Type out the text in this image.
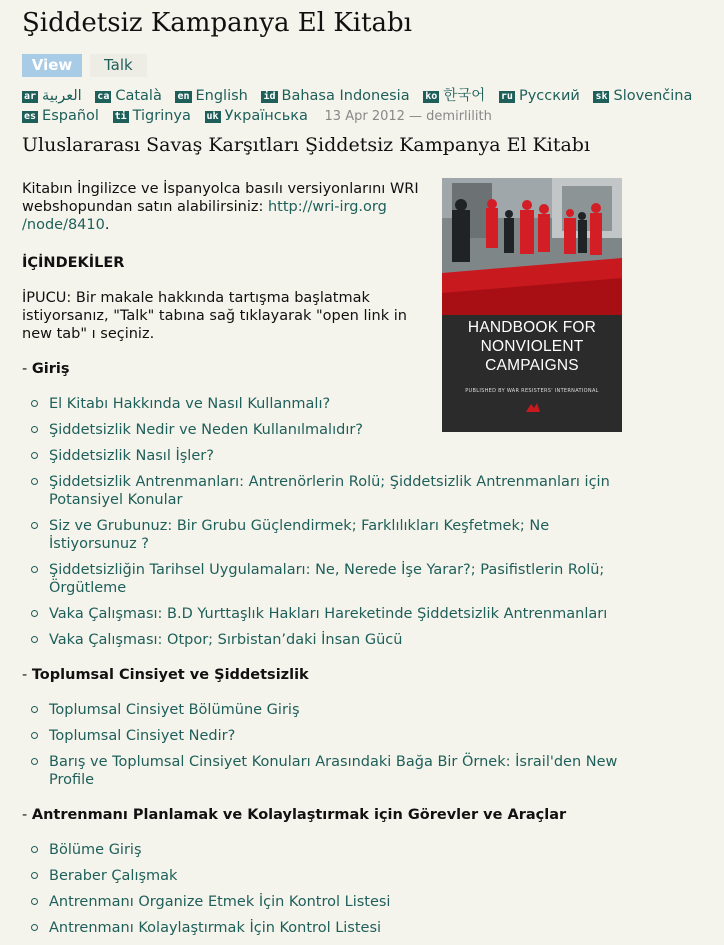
Şiddetsiz Kampanya El Kitabı
View	Talk
ar العربية ca Català en English id Bahasa Indonesia ko 한국어 ru Русский sk Slovenčina es Español ti Tigrinya uk Українська 13 Apr 2012 — demirlilith
Uluslararası Savaş Karşıtları Şiddetsiz Kampanya El Kitabı
HANDBOOK FOR
NONVIOLENT
CAMPAIGNS
PUBLISHED BY WAR RESISTERS' INTERNATIONAL

Kitabın İngilizce ve İspanyolca basılı versiyonlarını WRI webshopundan satın alabilirsiniz: http://wri-irg.org /node/8410.

İÇİNDEKİLER

İPUCU: Bir makale hakkında tartışma başlatmak istiyorsanız, "Talk" tabına sağ tıklayarak "open link in new tab" ı seçiniz.

- Giriş
El Kitabı Hakkında ve Nasıl Kullanmalı?
Şiddetsizlik Nedir ve Neden Kullanılmalıdır?
Şiddetsizlik Nasıl İşler?
Şiddetsizlik Antrenmanları: Antrenörlerin Rolü; Şiddetsizlik Antrenmanları için Potansiyel Konular
Siz ve Grubunuz: Bir Grubu Güçlendirmek; Farklılıkları Keşfetmek; Ne İstiyorsunuz ?
Şiddetsizliğin Tarihsel Uygulamaları: Ne, Nerede İşe Yarar?; Pasifistlerin Rolü; Örgütleme
Vaka Çalışması: B.D Yurttaşlık Hakları Hareketinde Şiddetsizlik Antrenmanları
Vaka Çalışması: Otpor; Sırbistan’daki İnsan Gücü
- Toplumsal Cinsiyet ve Şiddetsizlik
Toplumsal Cinsiyet Bölümüne Giriş
Toplumsal Cinsiyet Nedir?
Barış ve Toplumsal Cinsiyet Konuları Arasındaki Bağa Bir Örnek: İsrail'den New Profile
- Antrenmanı Planlamak ve Kolaylaştırmak için Görevler ve Araçlar
Bölüme Giriş
Beraber Çalışmak
Antrenmanı Organize Etmek İçin Kontrol Listesi
Antrenmanı Kolaylaştırmak İçin Kontrol Listesi
